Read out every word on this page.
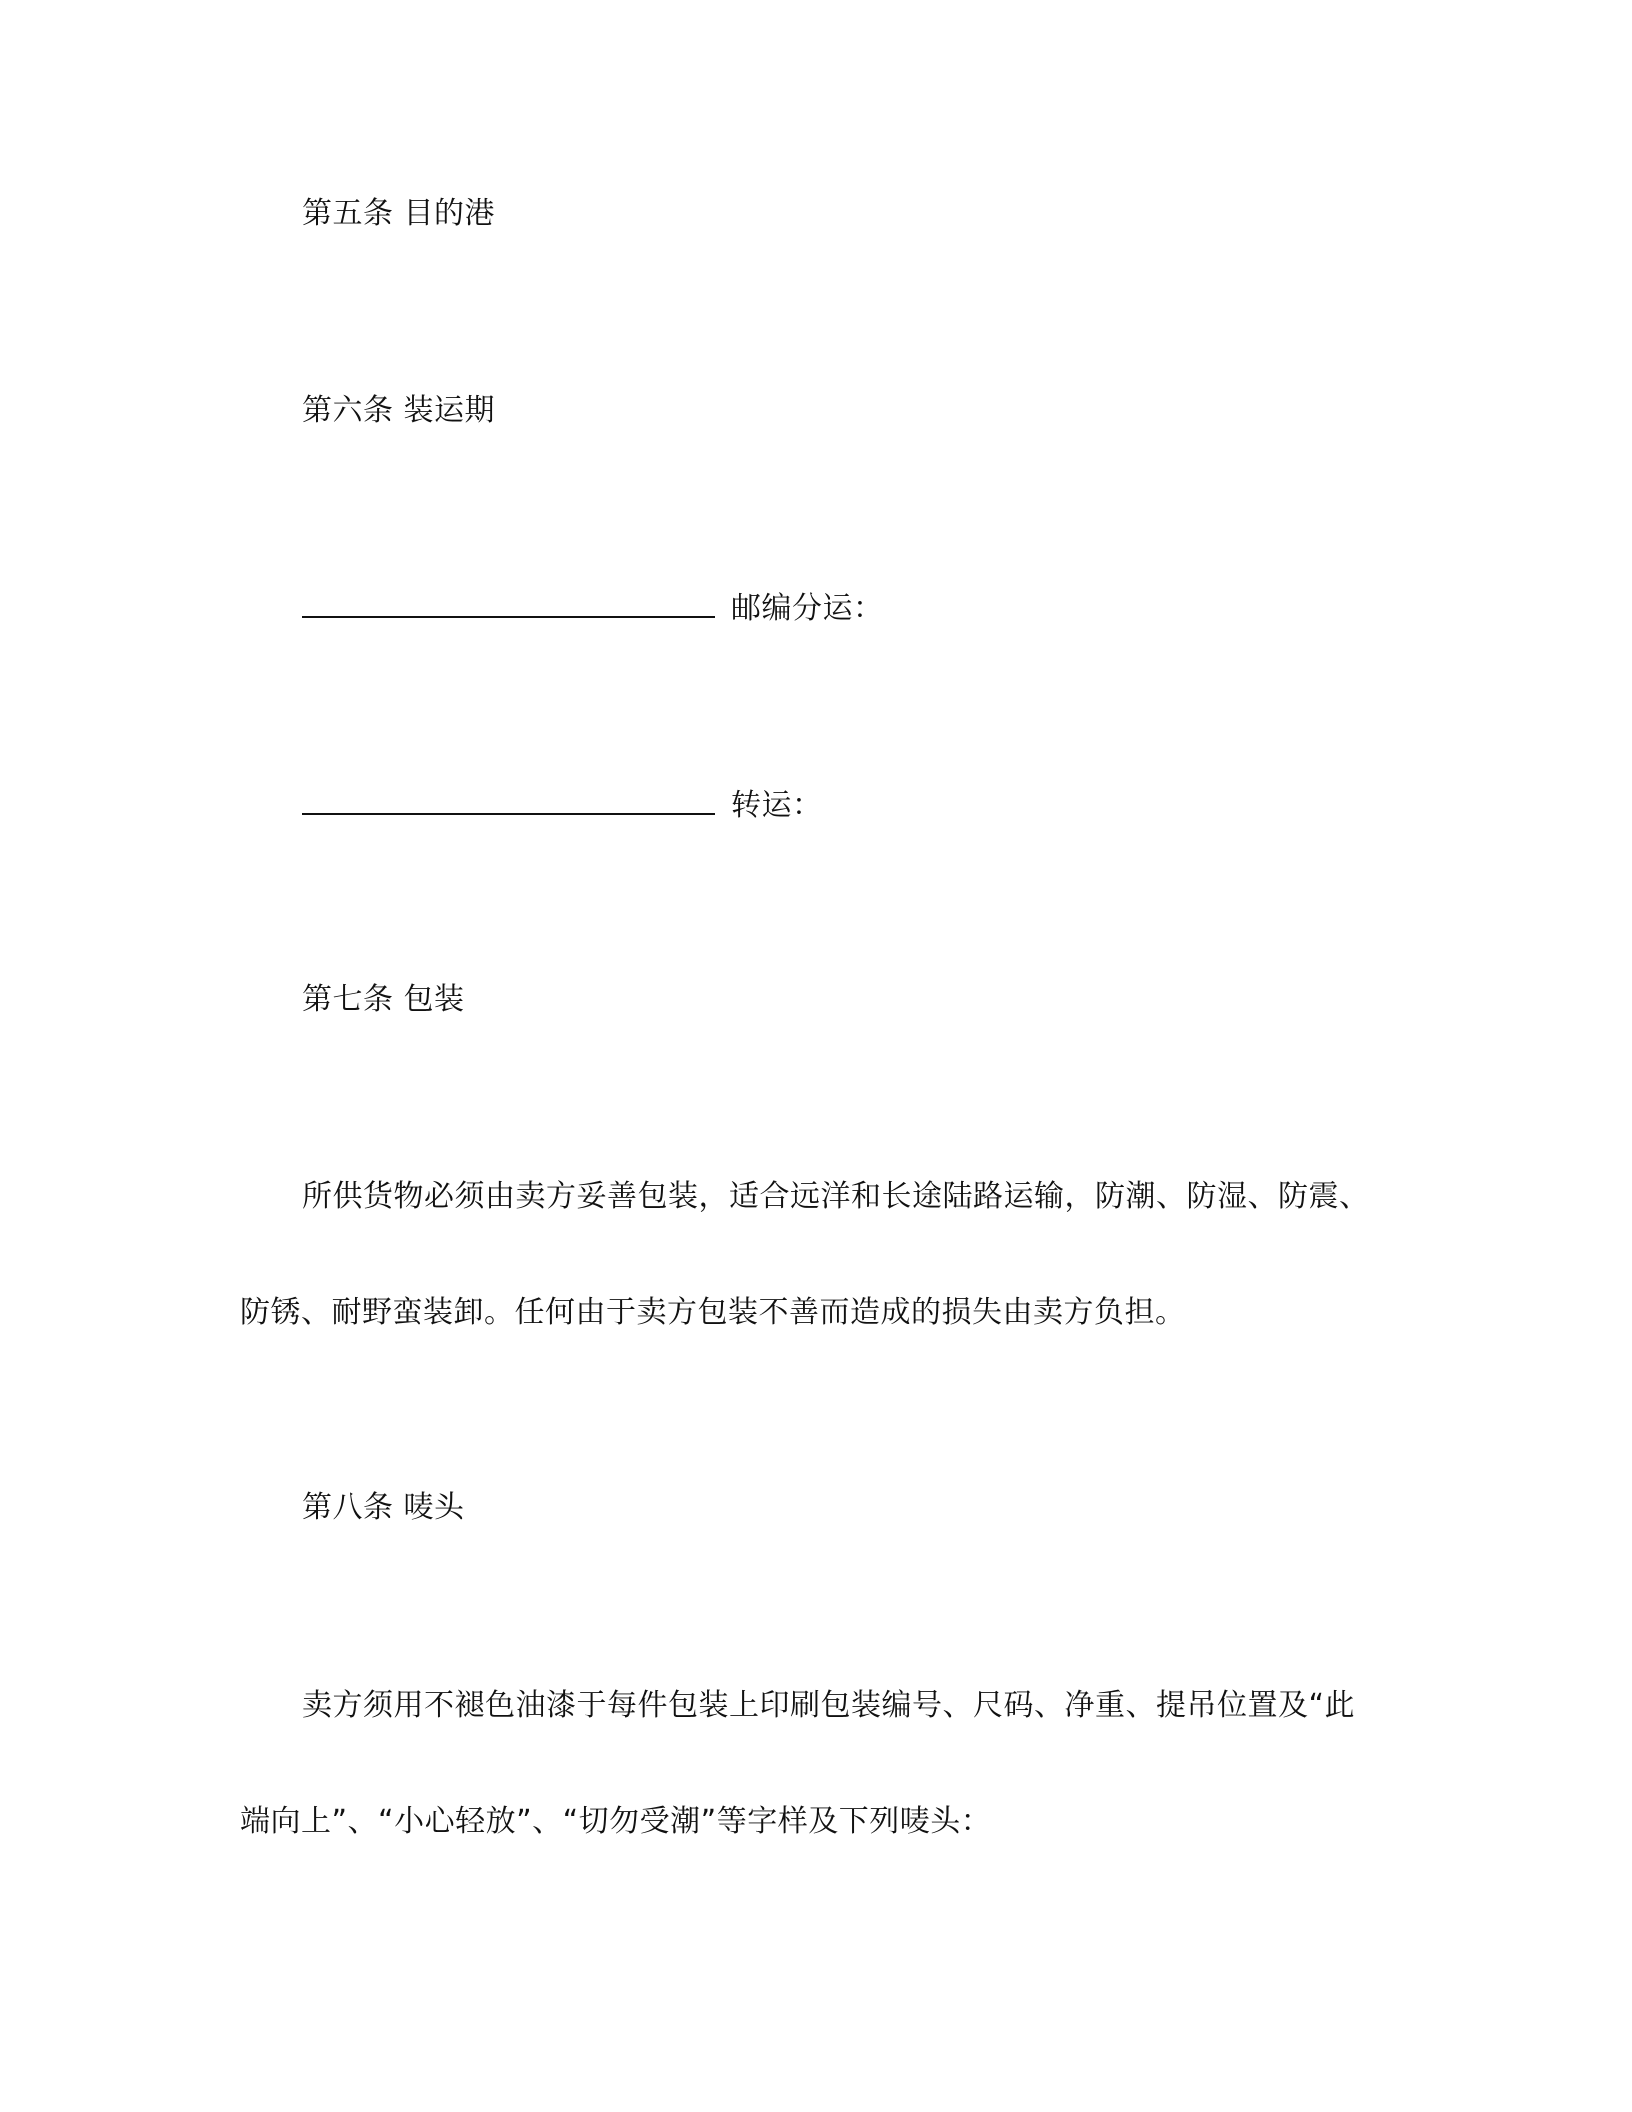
第五条 目的港
第六条 装运期
邮编分运：
转运：
第七条 包装
所供货物必须由卖方妥善包装，适合远洋和长途陆路运输，防潮、防湿、防震、
防锈、耐野蛮装卸。任何由于卖方包装不善而造成的损失由卖方负担。
第八条 唛头
卖方须用不褪色油漆于每件包装上印刷包装编号、尺码、净重、提吊位置及“此
端向上”、“小心轻放”、“切勿受潮”等字样及下列唛头：
